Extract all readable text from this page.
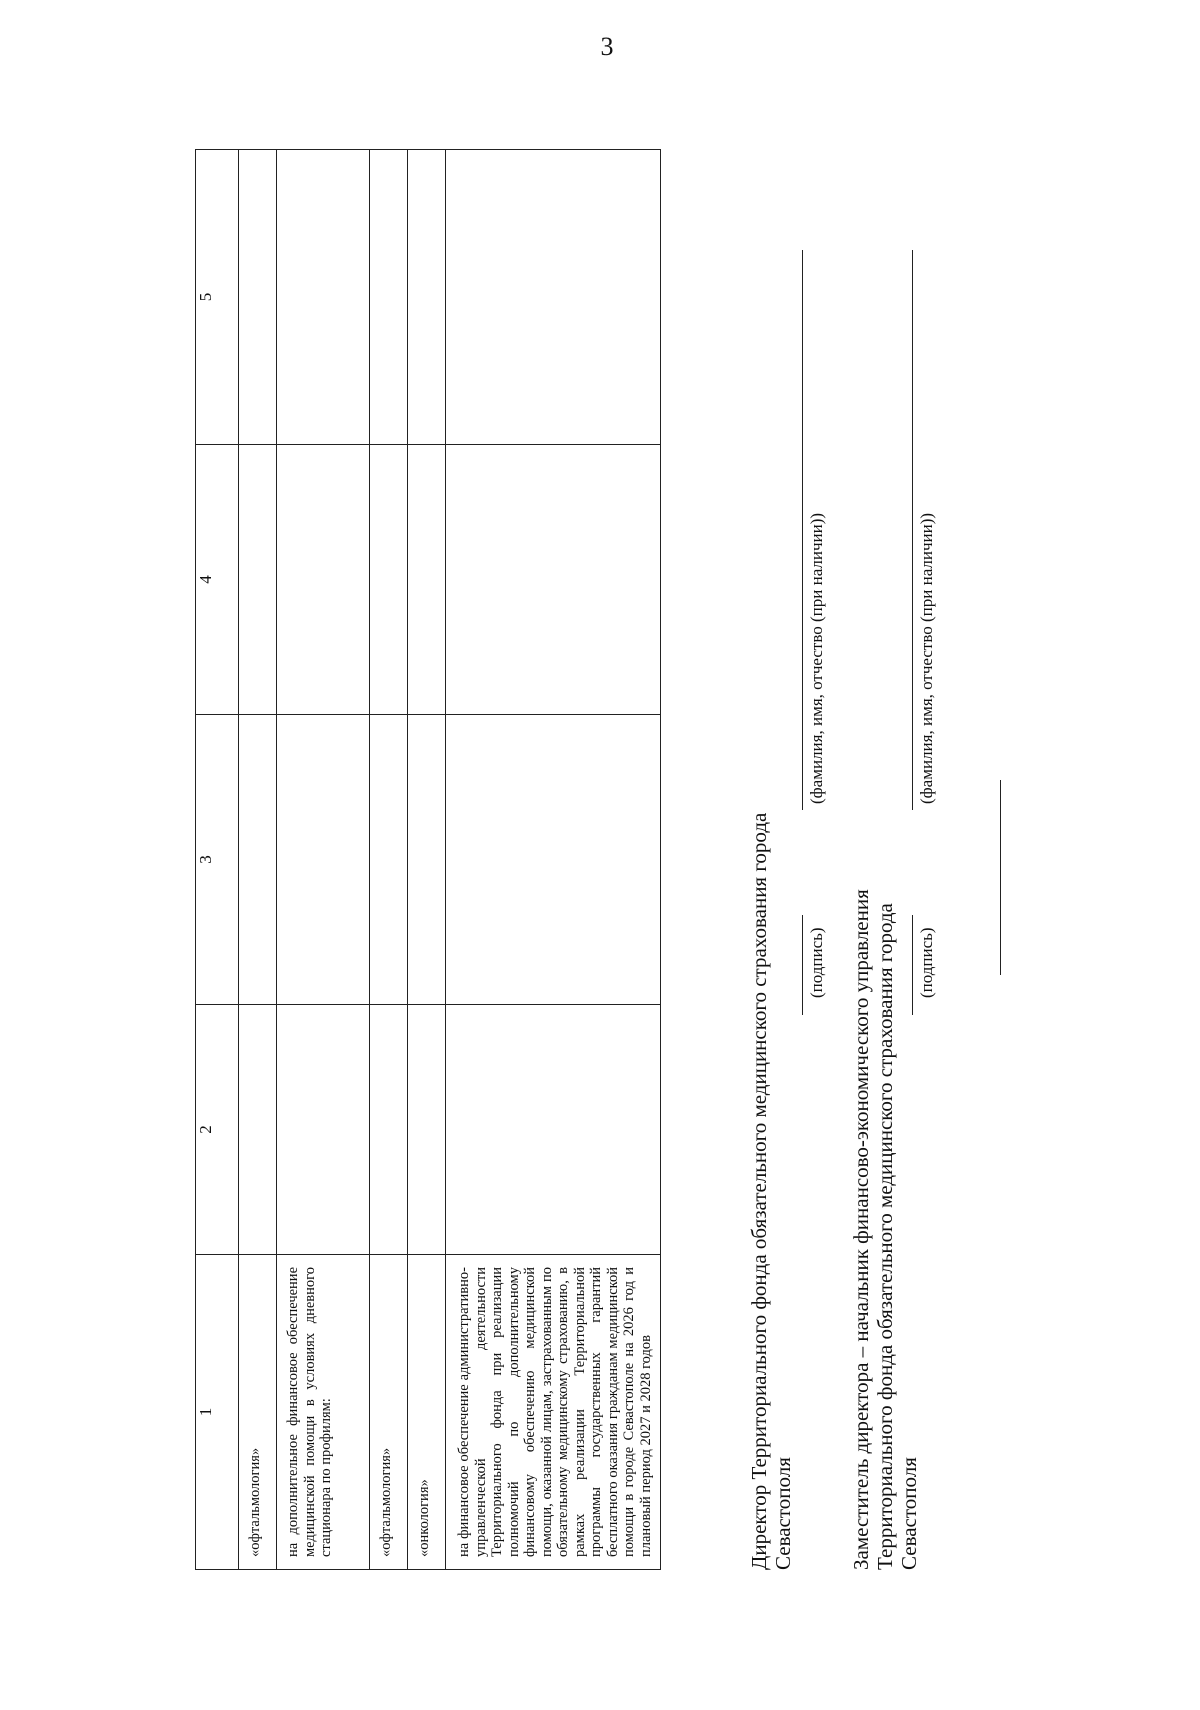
3
1	2	3	4	5

«офтальмология»				

на дополнительное финансовое обеспечение медицинской помощи в условиях дневного стационара по профилям:				

«офтальмология»				

«онкология»				

на финансовое обеспечение административно-управленческой деятельности Территориального фонда при реализации полномочий по дополнительному финансовому обеспечению медицинской помощи, оказанной лицам, застрахованным по обязательному медицинскому страхованию, в рамках реализации Территориальной программы государственных гарантий бесплатного оказания гражданам медицинской помощи в городе Севастополе на 2026 год и плановый период 2027 и 2028 годов				
					Директор Территориального фонда обязательного медицинского страхования города Севастополя
(подпись)
(фамилия, имя, отчество (при наличии))
Заместитель директора – начальник финансово-экономического управления Территориального фонда обязательного медицинского страхования города Севастополя
(подпись)
(фамилия, имя, отчество (при наличии))
